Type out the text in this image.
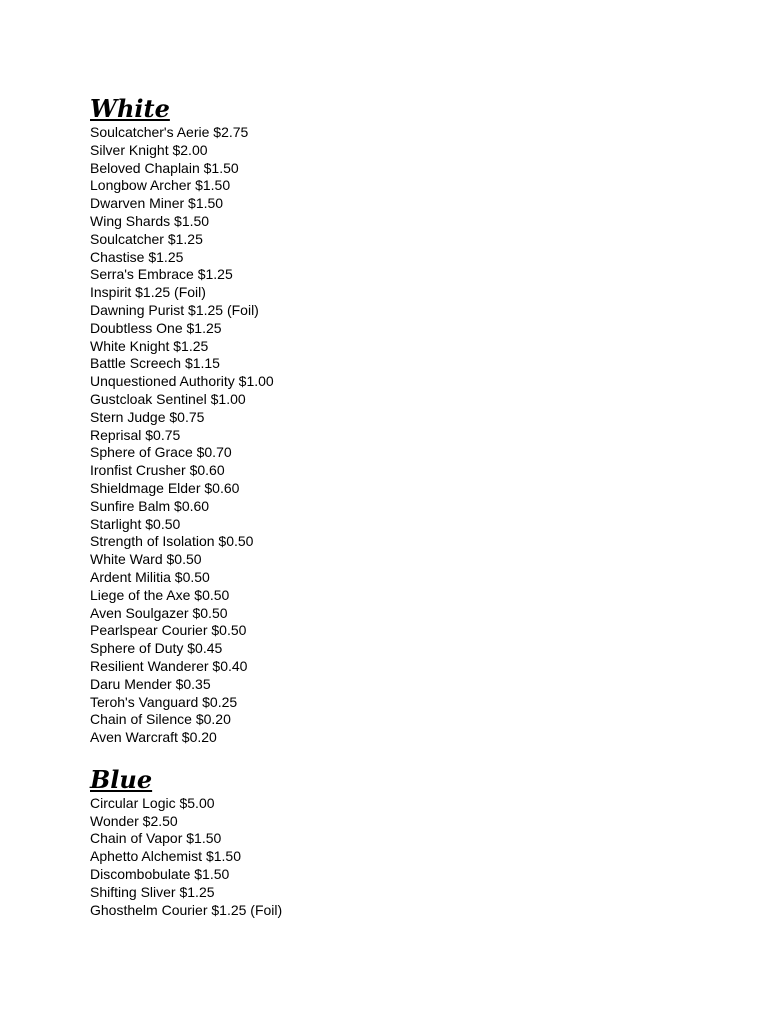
White
Soulcatcher's Aerie $2.75
Silver Knight $2.00
Beloved Chaplain $1.50
Longbow Archer $1.50
Dwarven Miner $1.50
Wing Shards $1.50
Soulcatcher $1.25
Chastise $1.25
Serra's Embrace $1.25
Inspirit $1.25 (Foil)
Dawning Purist $1.25 (Foil)
Doubtless One $1.25
White Knight $1.25
Battle Screech $1.15
Unquestioned Authority $1.00
Gustcloak Sentinel $1.00
Stern Judge $0.75
Reprisal $0.75
Sphere of Grace $0.70
Ironfist Crusher $0.60
Shieldmage Elder $0.60
Sunfire Balm $0.60
Starlight $0.50
Strength of Isolation $0.50
White Ward $0.50
Ardent Militia $0.50
Liege of the Axe $0.50
Aven Soulgazer $0.50
Pearlspear Courier $0.50
Sphere of Duty $0.45
Resilient Wanderer $0.40
Daru Mender $0.35
Teroh's Vanguard $0.25
Chain of Silence $0.20
Aven Warcraft $0.20
Blue
Circular Logic $5.00
Wonder $2.50
Chain of Vapor $1.50
Aphetto Alchemist $1.50
Discombobulate $1.50
Shifting Sliver $1.25
Ghosthelm Courier $1.25 (Foil)
